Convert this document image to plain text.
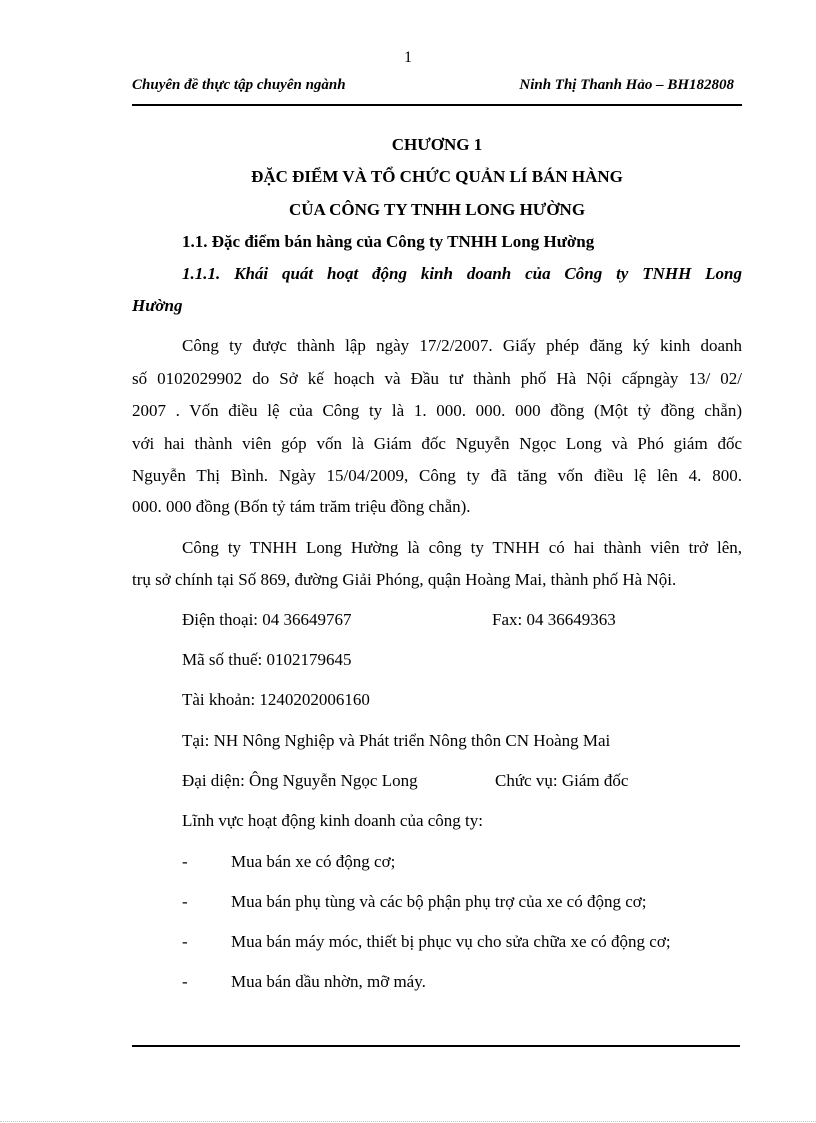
1
Chuyên đề thực tập chuyên ngành	Ninh Thị Thanh Hảo – BH182808
CHƯƠNG 1
ĐẶC ĐIỂM VÀ TỔ CHỨC QUẢN LÍ BÁN HÀNG
CỦA CÔNG TY TNHH LONG HƯỜNG
1.1. Đặc điểm bán hàng của Công ty TNHH Long Hường
1.1.1. Khái quát hoạt động kinh doanh của Công ty TNHH Long
Hường
Công ty được thành lập ngày 17/2/2007. Giấy phép đăng ký kinh doanh
số 0102029902 do Sở kế hoạch và Đầu tư thành phố Hà Nội cấpngày 13/ 02/
2007 . Vốn điều lệ của Công ty là 1. 000. 000. 000 đồng (Một tỷ đồng chẵn)
với hai thành viên góp vốn là Giám đốc Nguyễn Ngọc Long và Phó giám đốc
Nguyễn Thị Bình. Ngày 15/04/2009, Công ty đã tăng vốn điều lệ lên 4. 800.
000. 000 đồng (Bốn tỷ tám trăm triệu đồng chẵn).
Công ty TNHH Long Hường là công ty TNHH có hai thành viên trở lên,
trụ sở chính tại Số 869, đường Giải Phóng, quận Hoàng Mai, thành phố Hà Nội.
Điện thoại: 04 36649767	Fax: 04 36649363
Mã số thuế: 0102179645
Tài khoản: 1240202006160
Tại: NH Nông Nghiệp và Phát triển Nông thôn CN Hoàng Mai
Đại diện: Ông Nguyễn Ngọc Long	Chức vụ: Giám đốc
Lĩnh vực hoạt động kinh doanh của công ty:
-	Mua bán xe có động cơ;
-	Mua bán phụ tùng và các bộ phận phụ trợ của xe có động cơ;
-	Mua bán máy móc, thiết bị phục vụ cho sửa chữa xe có động cơ;
-	Mua bán dầu nhờn, mỡ máy.
